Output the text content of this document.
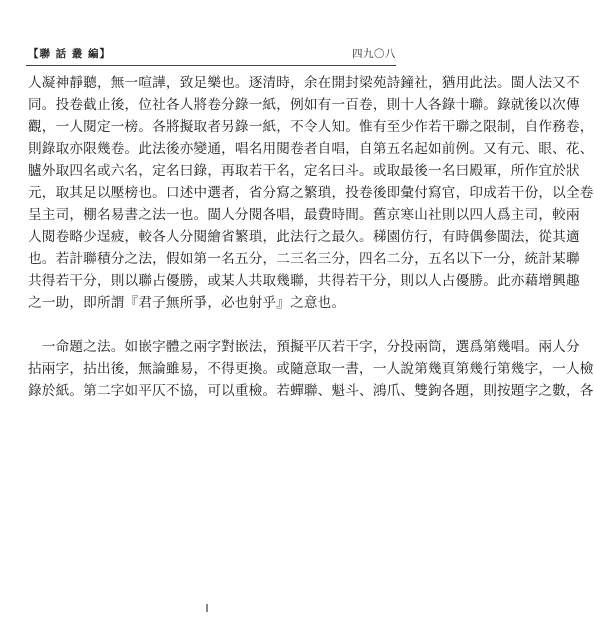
【聯 話 叢 編】	四九〇八
人凝神靜聽，無一喧譁，致足樂也。逐清時，余在開封梁苑詩鐘社，猶用此法。閩人法又不
同。投卷截止後，位社各人將卷分錄一紙，例如有一百卷，則十人各錄十聯。錄就後以次傳
觀，一人閱定一榜。各將擬取者另錄一紙，不令人知。惟有至少作若干聯之限制，自作務卷，
則錄取亦限幾卷。此法後亦變通，唱名用閱卷者自唱，自第五名起如前例。又有元、眼、花、
臚外取四名或六名，定名曰錄，再取若干名，定名曰斗。或取最後一名曰殿軍，所作宜於狀
元，取其足以壓榜也。口述中選者，省分寫之繁瑣，投卷後即彙付寫官，印成若干份，以全卷
呈主司，棚名易書之法一也。閩人分閱各唱，最費時間。舊京寒山社則以四人爲主司，較兩
人閱卷略少逞疲，較各人分閱繪省繁瑣，此法行之最久。稊園仿行，有時偶參閩法，從其適
也。若計聯積分之法，假如第一名五分，二三名三分，四名二分，五名以下一分，統計某聯
共得若干分，則以聯占優勝，或某人共取幾聯，共得若干分，則以人占優勝。此亦藉增興趣
之一助，即所謂『君子無所爭，必也射乎』之意也。
　一命題之法。如嵌字體之兩字對嵌法，預擬平仄若干字，分投兩筒，選爲第幾唱。兩人分
拈兩字，拈出後，無論雖易，不得更換。或隨意取一書，一人說第幾頁第幾行第幾字，一人檢
錄於紙。第二字如平仄不協，可以重檢。若蟬聯、魁斗、鴻爪、雙鉤各題，則按題字之數，各
